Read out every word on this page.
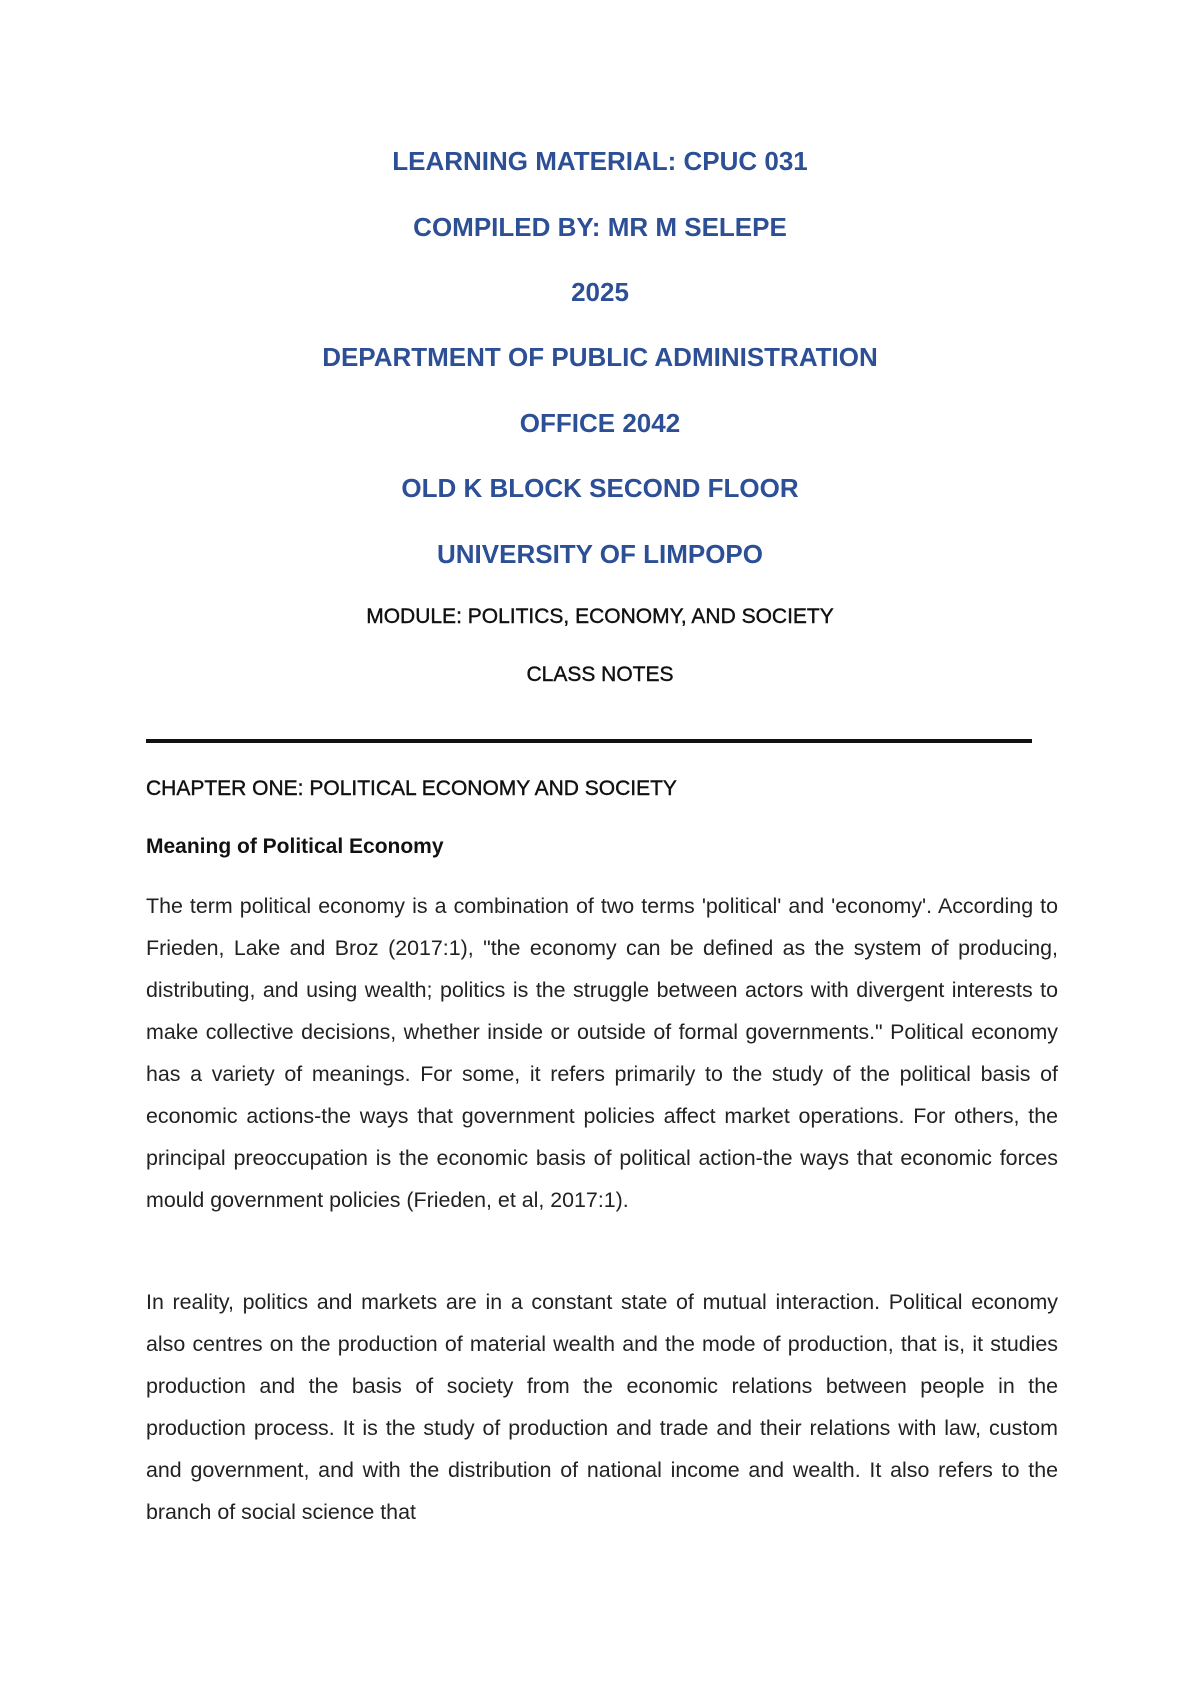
LEARNING MATERIAL: CPUC 031
COMPILED BY: MR M SELEPE
2025
DEPARTMENT OF PUBLIC ADMINISTRATION
OFFICE 2042
OLD K BLOCK SECOND FLOOR
UNIVERSITY OF LIMPOPO
MODULE: POLITICS, ECONOMY, AND SOCIETY
CLASS NOTES
CHAPTER ONE: POLITICAL ECONOMY AND SOCIETY
Meaning of Political Economy

The term political economy is a combination of two terms 'political' and 'economy'. According to Frieden, Lake and Broz (2017:1), "the economy can be defined as the system of producing, distributing, and using wealth; politics is the struggle between actors with divergent interests to make collective decisions, whether inside or outside of formal governments." Political economy has a variety of meanings. For some, it refers primarily to the study of the political basis of economic actions-the ways that government policies affect market operations. For others, the principal preoccupation is the economic basis of political action-the ways that economic forces mould government policies (Frieden, et al, 2017:1).

In reality, politics and markets are in a constant state of mutual interaction. Political economy also centres on the production of material wealth and the mode of production, that is, it studies production and the basis of society from the economic relations between people in the production process. It is the study of production and trade and their relations with law, custom and government, and with the distribution of national income and wealth. It also refers to the branch of social science that
